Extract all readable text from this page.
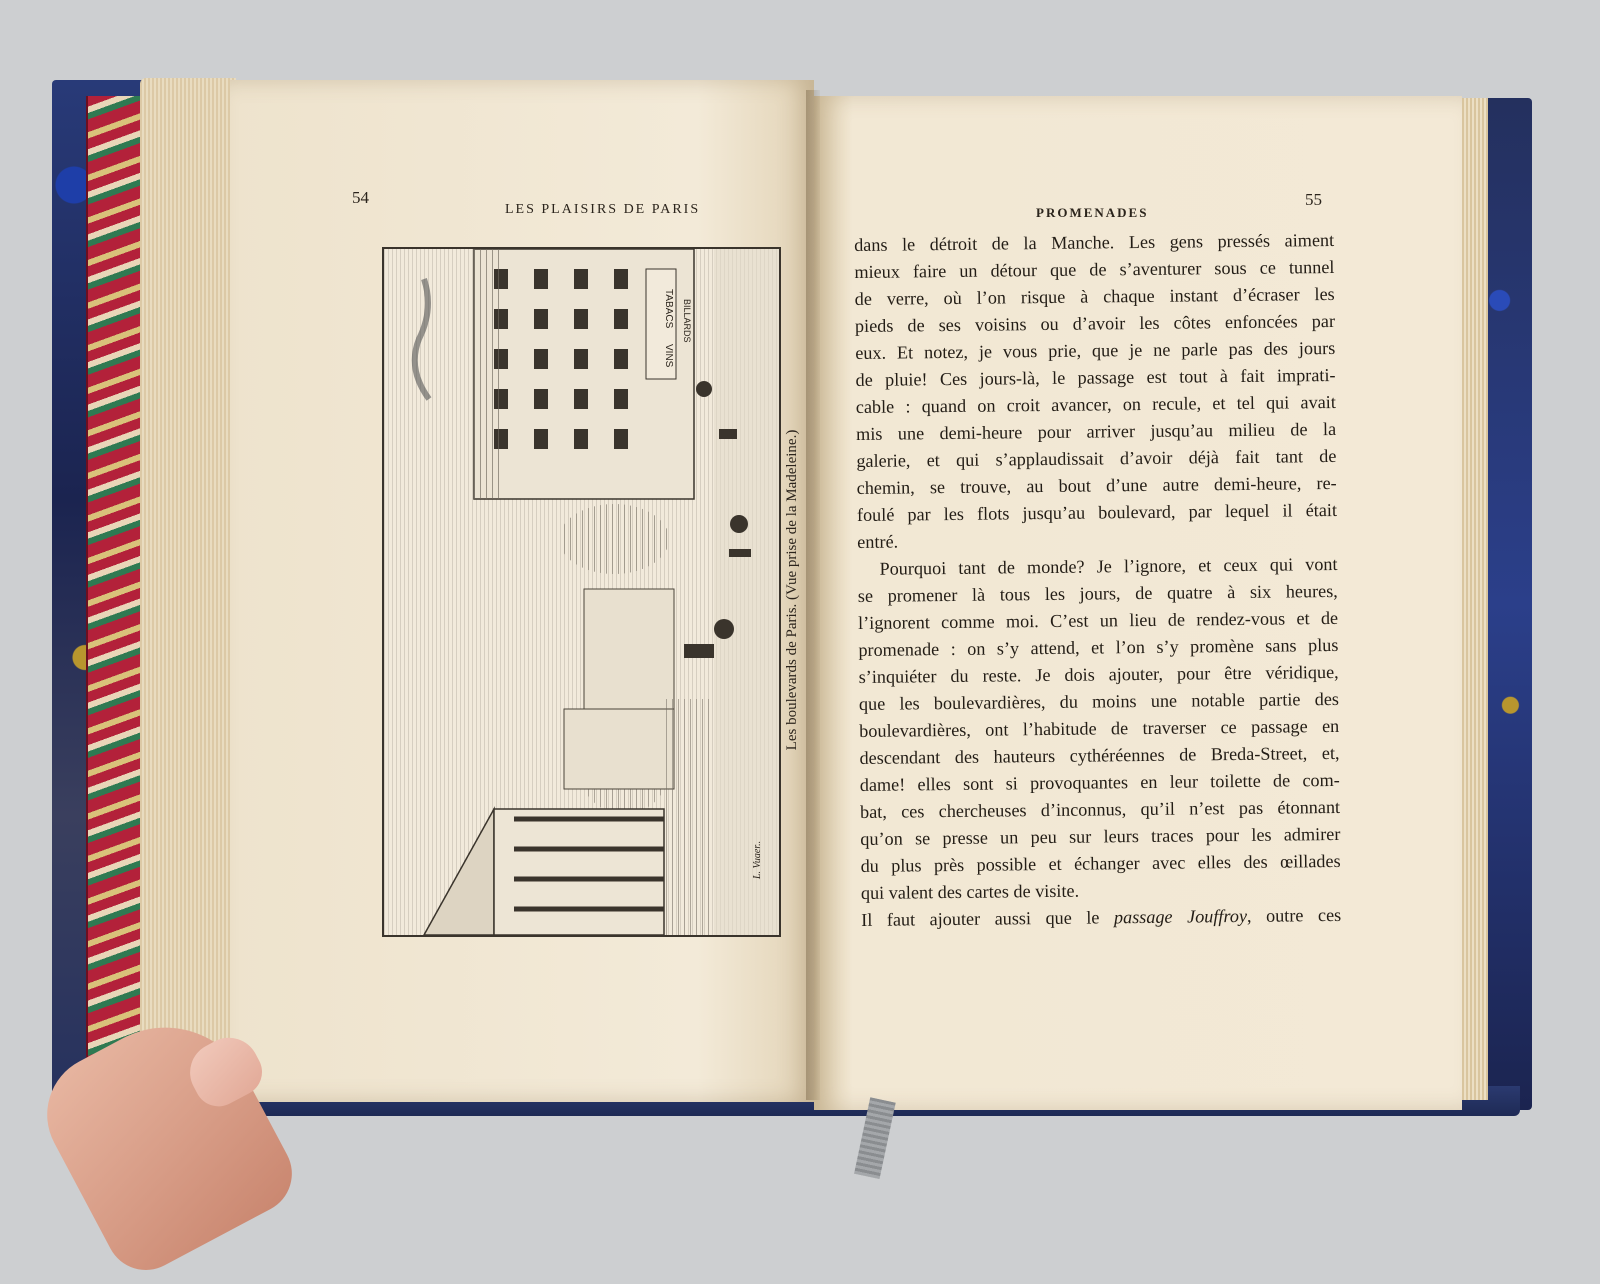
54
LES PLAISIRS DE PARIS
TABACS
VINS
BILLARDS
L. Vuaer..
Les boulevards de Paris. (Vue prise de la Madeleine.)
PROMENADES
55
dans le détroit de la Manche. Les gens pressés aiment
mieux faire un détour que de s’aventurer sous ce tunnel
de verre, où l’on risque à chaque instant d’écraser les
pieds de ses voisins ou d’avoir les côtes enfoncées par
eux. Et notez, je vous prie, que je ne parle pas des jours
de pluie! Ces jours-là, le passage est tout à fait imprati-
cable : quand on croit avancer, on recule, et tel qui avait
mis une demi-heure pour arriver jusqu’au milieu de la
galerie, et qui s’applaudissait d’avoir déjà fait tant de
chemin, se trouve, au bout d’une autre demi-heure, re-
foulé par les flots jusqu’au boulevard, par lequel il était
entré.
Pourquoi tant de monde? Je l’ignore, et ceux qui vont
se promener là tous les jours, de quatre à six heures,
l’ignorent comme moi. C’est un lieu de rendez-vous et de
promenade : on s’y attend, et l’on s’y promène sans plus
s’inquiéter du reste. Je dois ajouter, pour être véridique,
que les boulevardières, du moins une notable partie des
boulevardières, ont l’habitude de traverser ce passage en
descendant des hauteurs cythéréennes de Breda-Street, et,
dame! elles sont si provoquantes en leur toilette de com-
bat, ces chercheuses d’inconnus, qu’il n’est pas étonnant
qu’on se presse un peu sur leurs traces pour les admirer
du plus près possible et échanger avec elles des œillades
qui valent des cartes de visite.
Il faut ajouter aussi que le passage Jouffroy, outre ces
